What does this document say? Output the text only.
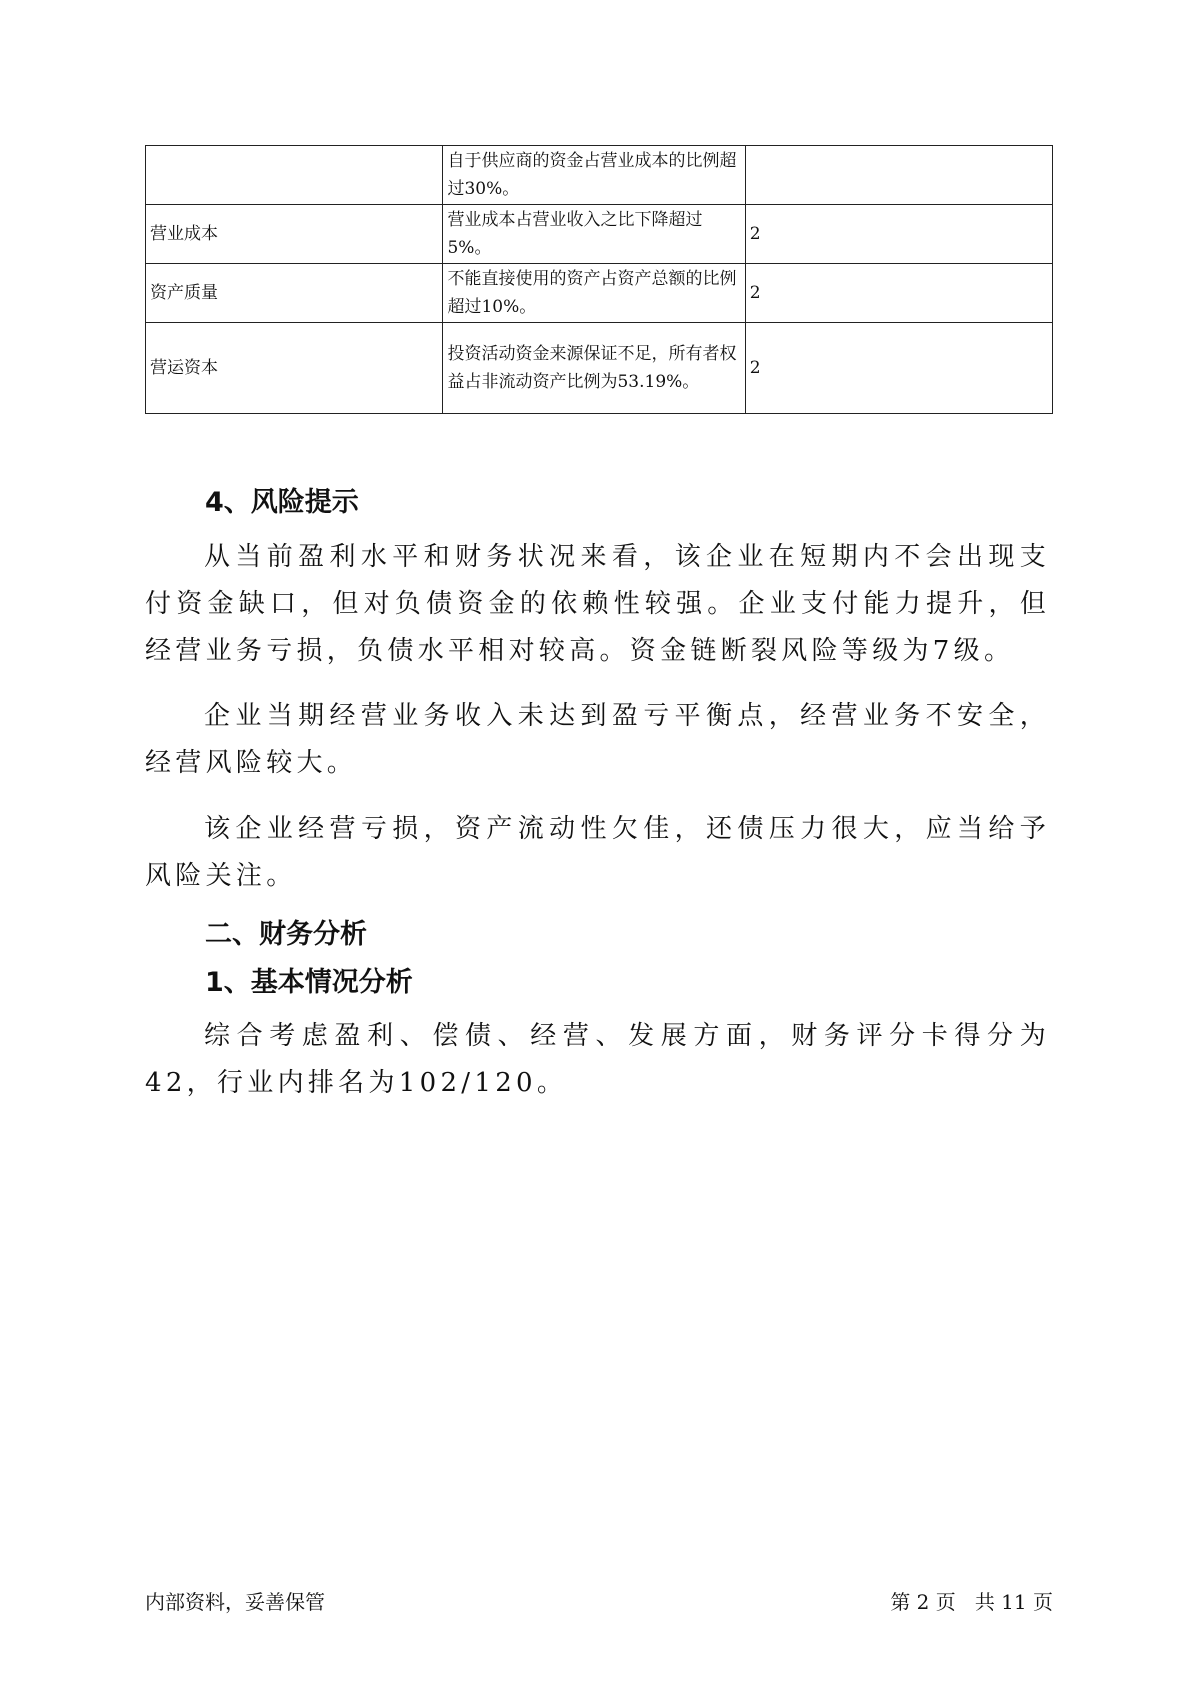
	自于供应商的资金占营业成本的比例超过30%。	
营业成本	营业成本占营业收入之比下降超过5%。	2
资产质量	不能直接使用的资产占资产总额的比例超过10%。	2
营运资本	投资活动资金来源保证不足，所有者权益占非流动资产比例为53.19%。	2
4、风险提示

从当前盈利水平和财务状况来看，该企业在短期内不会出现支付资金缺口，但对负债资金的依赖性较强。企业支付能力提升，但经营业务亏损，负债水平相对较高。资金链断裂风险等级为7级。

企业当期经营业务收入未达到盈亏平衡点，经营业务不安全，经营风险较大。

该企业经营亏损，资产流动性欠佳，还债压力很大，应当给予风险关注。

二、财务分析
1、基本情况分析

综合考虑盈利、偿债、经营、发展方面，财务评分卡得分为42，行业内排名为102/120。

内部资料，妥善保管	第 2 页   共 11 页
